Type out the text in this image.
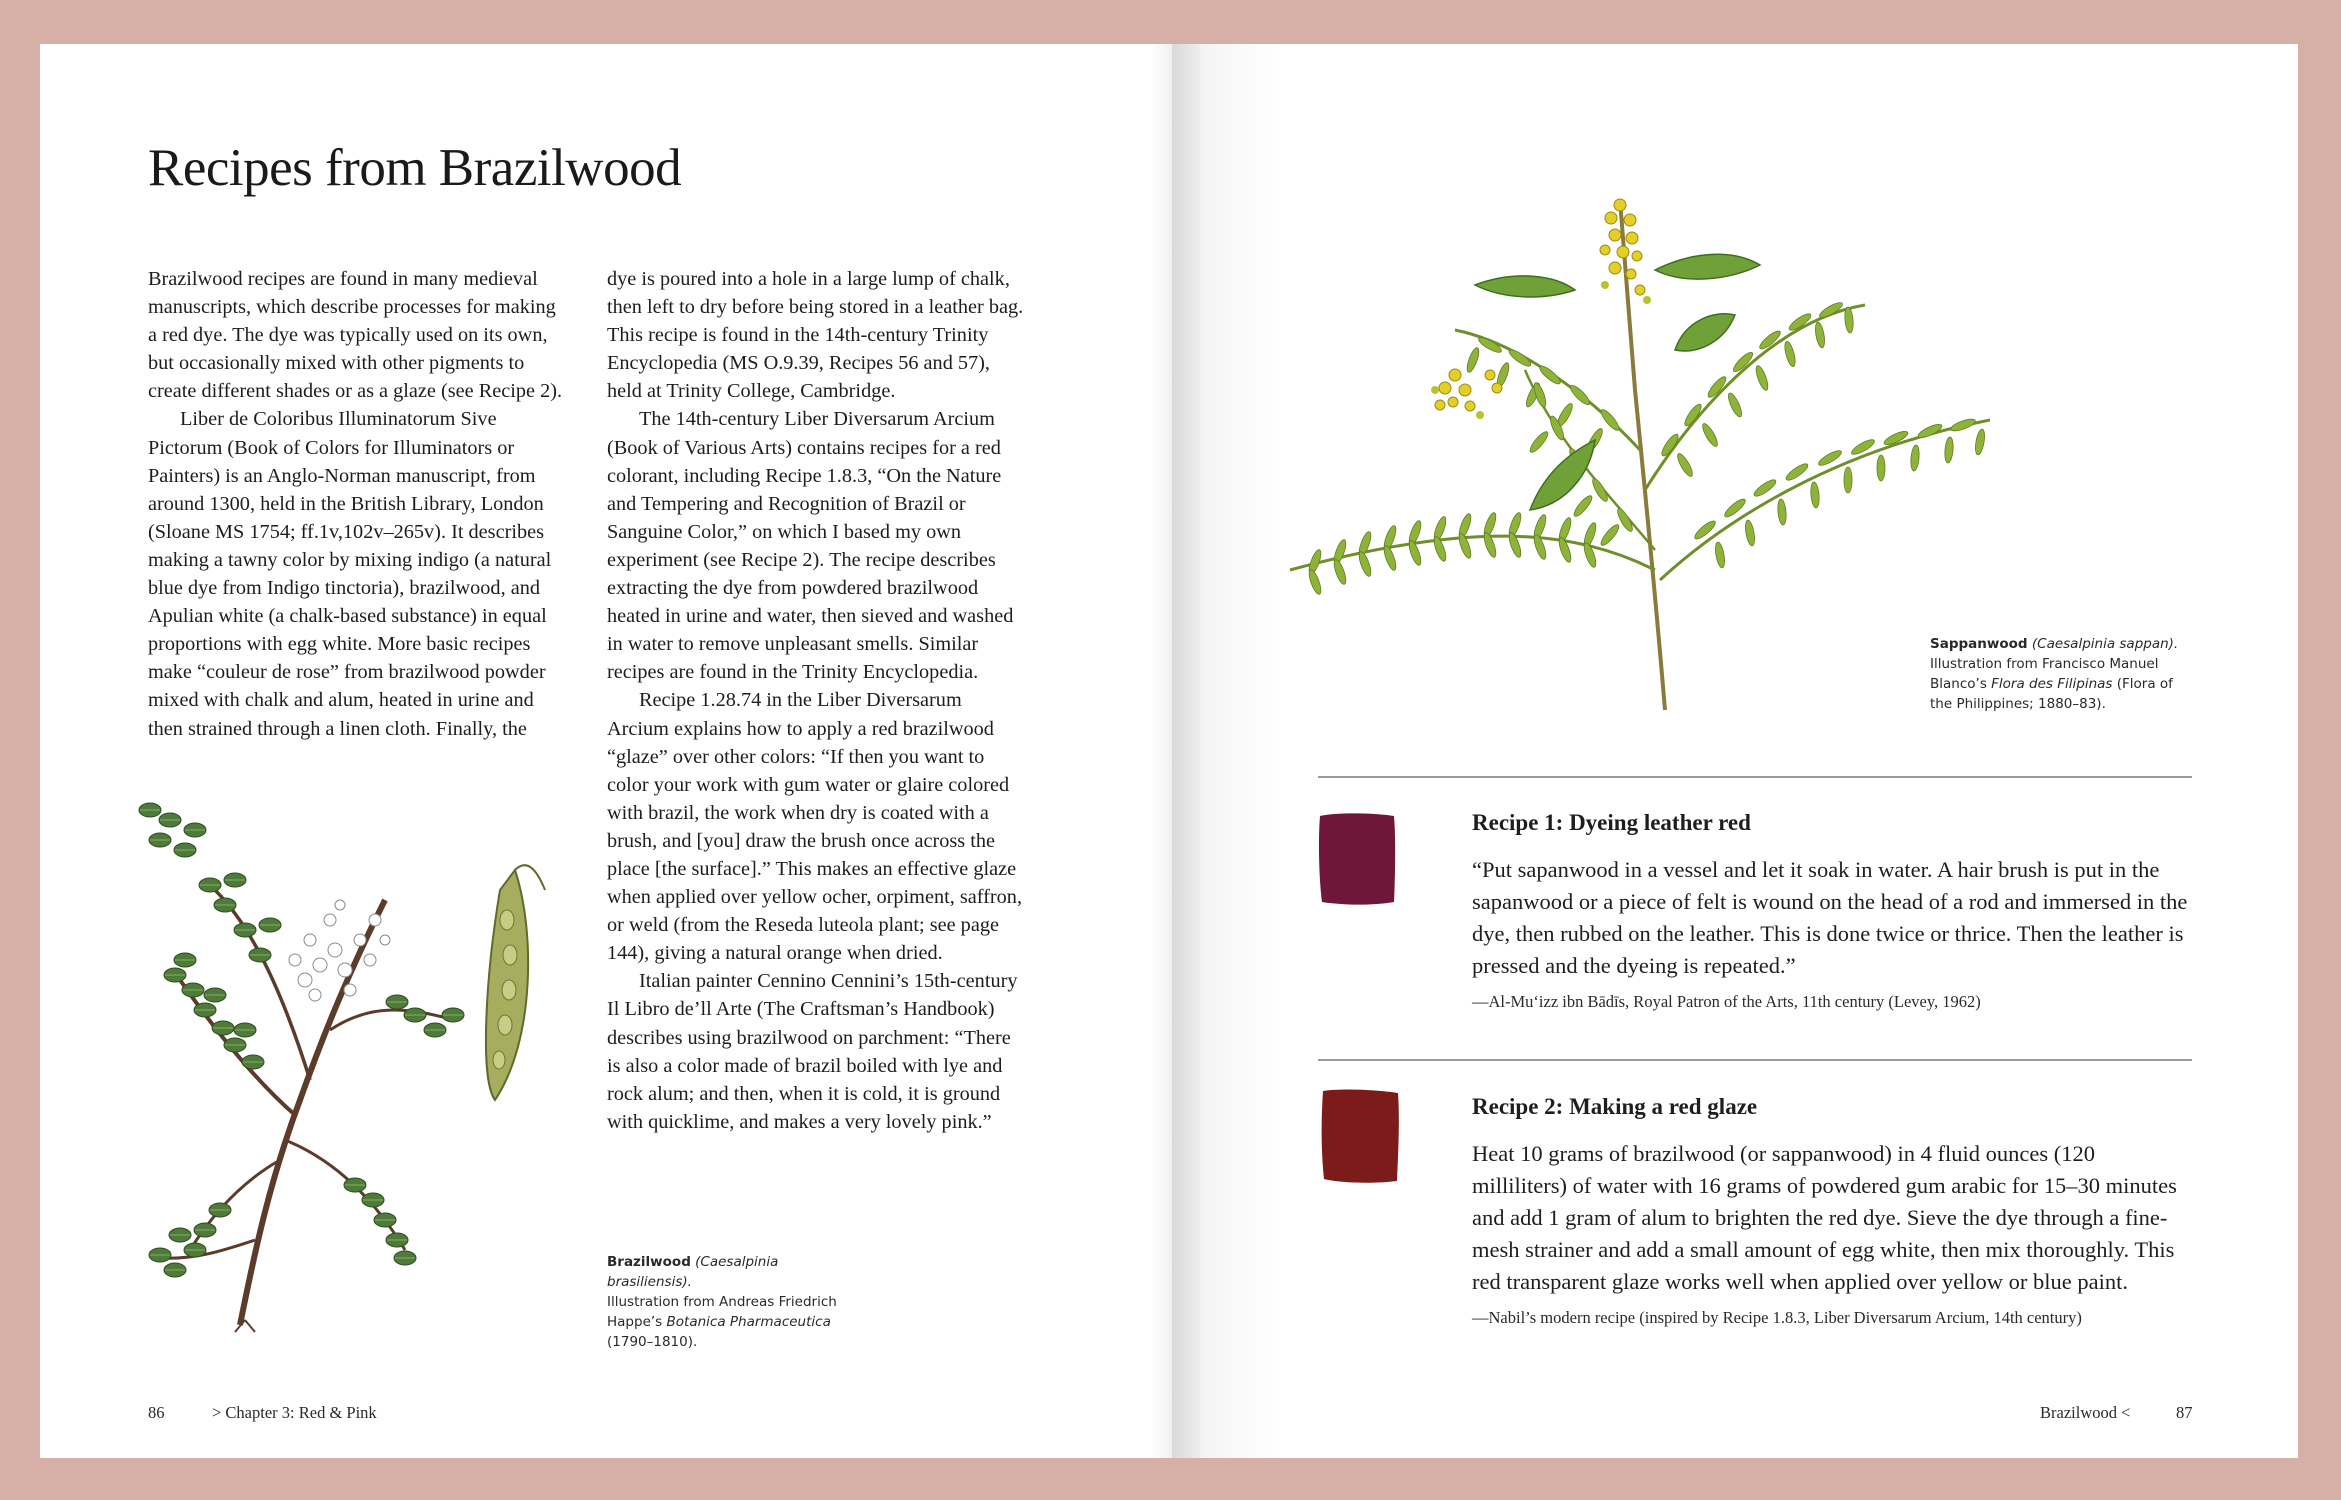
Recipes from Brazilwood

Brazilwood recipes are found in many medieval manuscripts, which describe processes for making a red dye. The dye was typically used on its own, but occasionally mixed with other pigments to create different shades or as a glaze (see Recipe 2).

Liber de Coloribus Illuminatorum Sive Pictorum (Book of Colors for Illuminators or Painters) is an Anglo-Norman manuscript, from around 1300, held in the British Library, London (Sloane MS 1754; ff.1v,102v–265v). It describes making a tawny color by mixing indigo (a natural blue dye from Indigo tinctoria), brazilwood, and Apulian white (a chalk-based substance) in equal proportions with egg white. More basic recipes make “couleur de rose” from brazilwood powder mixed with chalk and alum, heated in urine and then strained through a linen cloth. Finally, the

dye is poured into a hole in a large lump of chalk, then left to dry before being stored in a leather bag. This recipe is found in the 14th-century Trinity Encyclopedia (MS O.9.39, Recipes 56 and 57), held at Trinity College, Cambridge.

The 14th-century Liber Diversarum Arcium (Book of Various Arts) contains recipes for a red colorant, including Recipe 1.8.3, “On the Nature and Tempering and Recognition of Brazil or Sanguine Color,” on which I based my own experiment (see Recipe 2). The recipe describes extracting the dye from powdered brazilwood heated in urine and water, then sieved and washed in water to remove unpleasant smells. Similar recipes are found in the Trinity Encyclopedia.

Recipe 1.28.74 in the Liber Diversarum Arcium explains how to apply a red brazilwood “glaze” over other colors: “If then you want to color your work with gum water or glaire colored with brazil, the work when dry is coated with a brush, and [you] draw the brush once across the place [the surface].” This makes an effective glaze when applied over yellow ocher, orpiment, saffron, or weld (from the Reseda luteola plant; see page 144), giving a natural orange when dried.

Italian painter Cennino Cennini’s 15th-century Il Libro de’ll Arte (The Craftsman’s Handbook) describes using brazilwood on parchment: “There is also a color made of brazil boiled with lye and rock alum; and then, when it is cold, it is ground with quicklime, and makes a very lovely pink.”

Brazilwood (Caesalpinia brasiliensis).
Illustration from Andreas Friedrich
Happe’s Botanica Pharmaceutica
(1790–1810).
86	> Chapter 3: Red & Pink
Sappanwood (Caesalpinia sappan).
Illustration from Francisco Manuel
Blanco’s Flora des Filipinas (Flora of
the Philippines; 1880–83).
Recipe 1: Dyeing leather red
“Put sapanwood in a vessel and let it soak in water. A hair brush is put in the sapanwood or a piece of felt is wound on the head of a rod and immersed in the dye, then rubbed on the leather. This is done twice or thrice. Then the leather is pressed and the dyeing is repeated.”
—Al-Mu‘izz ibn Bādīs, Royal Patron of the Arts, 11th century (Levey, 1962)
Recipe 2: Making a red glaze
Heat 10 grams of brazilwood (or sappanwood) in 4 fluid ounces (120 milliliters) of water with 16 grams of powdered gum arabic for 15–30 minutes and add 1 gram of alum to brighten the red dye. Sieve the dye through a fine-mesh strainer and add a small amount of egg white, then mix thoroughly. This red transparent glaze works well when applied over yellow or blue paint.
—Nabil’s modern recipe (inspired by Recipe 1.8.3, Liber Diversarum Arcium, 14th century)
Brazilwood <	87
